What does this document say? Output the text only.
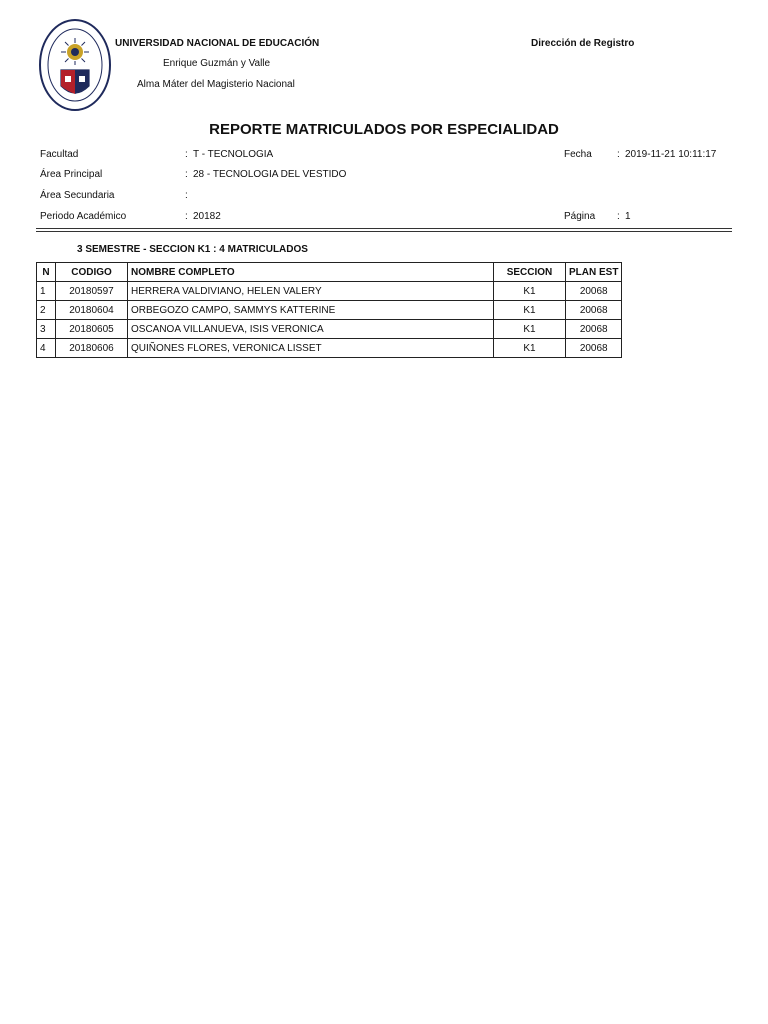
UNIVERSIDAD NACIONAL DE EDUCACIÓN
Enrique Guzmán y Valle
Alma Máter del Magisterio Nacional
Dirección de Registro
REPORTE MATRICULADOS POR ESPECIALIDAD
Facultad	: T - TECNOLOGIA
Área Principal	: 28 - TECNOLOGIA DEL VESTIDO
Área Secundaria	:
Periodo Académico	: 20182
Fecha	: 2019-11-21 10:11:17
Página : 1
3 SEMESTRE - SECCION K1 : 4 MATRICULADOS
N	CODIGO	NOMBRE COMPLETO	SECCION	PLAN EST
1	20180597	HERRERA VALDIVIANO, HELEN VALERY	K1	20068
2	20180604	ORBEGOZO CAMPO, SAMMYS KATTERINE	K1	20068
3	20180605	OSCANOA VILLANUEVA, ISIS VERONICA	K1	20068
4	20180606	QUIÑONES FLORES, VERONICA LISSET	K1	20068
